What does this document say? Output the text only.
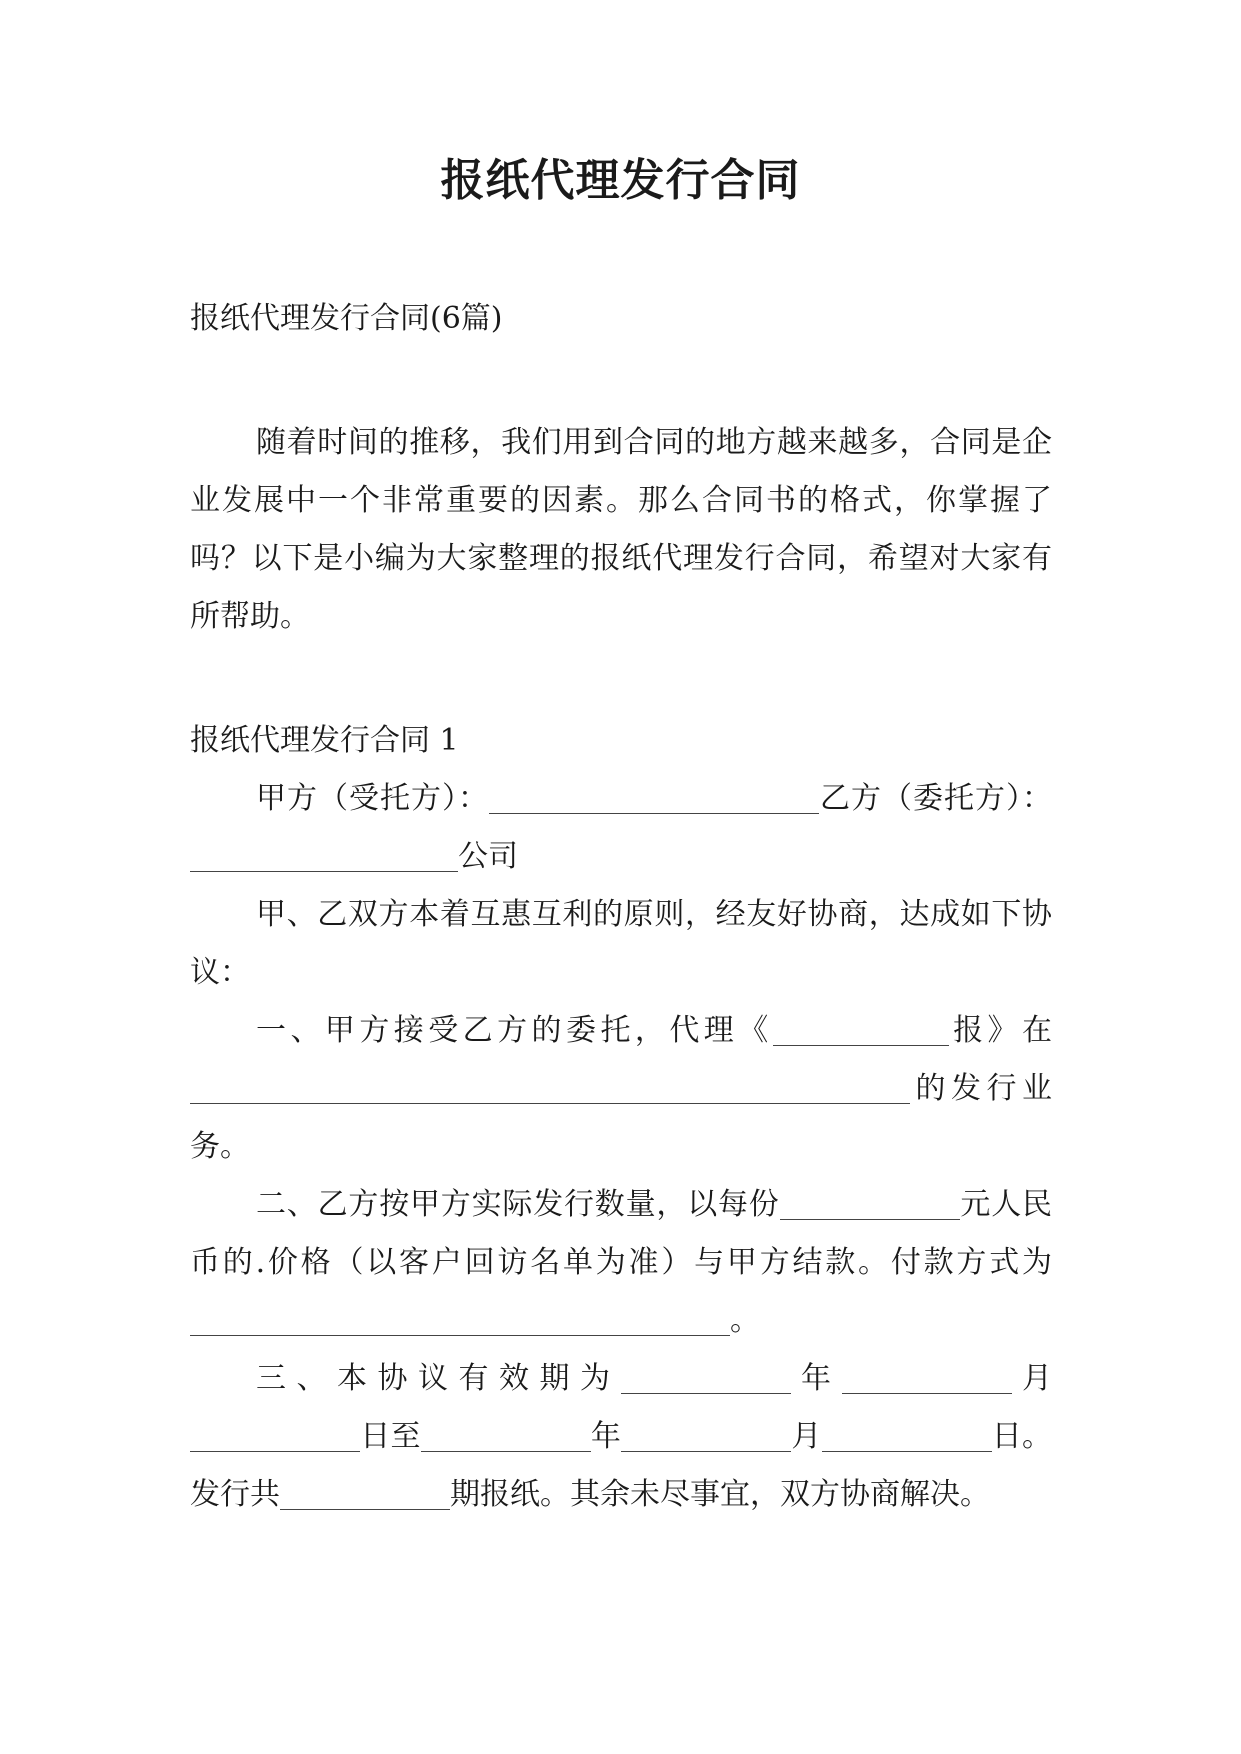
报纸代理发行合同

报纸代理发行合同(6篇)

随着时间的推移，我们用到合同的地方越来越多，合同是企业发展中一个非常重要的因素。那么合同书的格式，你掌握了吗？以下是小编为大家整理的报纸代理发行合同，希望对大家有所帮助。

报纸代理发行合同 1

甲方（受托方）：	乙方（委托方）：公司

甲、乙双方本着互惠互利的原则，经友好协商，达成如下协议：

一、甲方接受乙方的委托，代理《	报》在的发行业务。

二、乙方按甲方实际发行数量，以每份	元人民币的.价格（以客户回访名单为准）与甲方结款。付款方式为。

三、本协议有效期为	年	月日至	年	月	日。发行共	期报纸。其余未尽事宜，双方协商解决。
